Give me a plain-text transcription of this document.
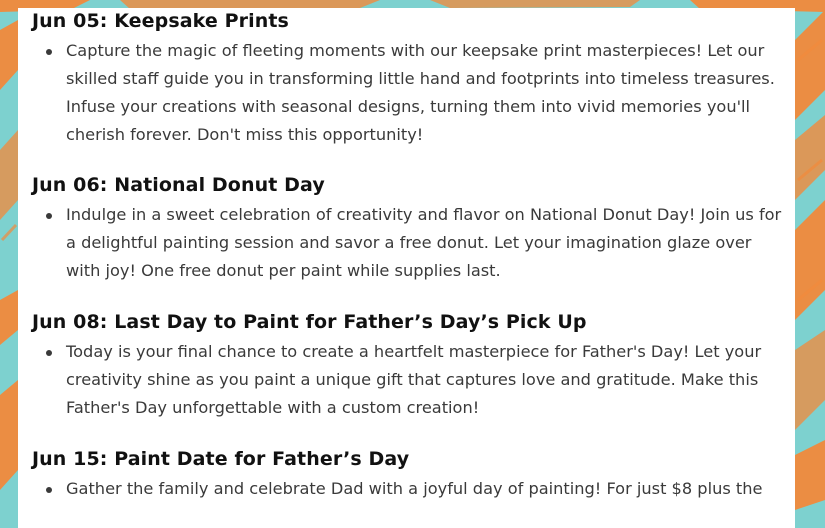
Jun 05: Keepsake Prints
Capture the magic of fleeting moments with our keepsake print masterpieces! Let our skilled staff guide you in transforming little hand and footprints into timeless treasures. Infuse your creations with seasonal designs, turning them into vivid memories you'll cherish forever. Don't miss this opportunity!
Jun 06: National Donut Day
Indulge in a sweet celebration of creativity and flavor on National Donut Day! Join us for a delightful painting session and savor a free donut. Let your imagination glaze over with joy! One free donut per paint while supplies last.
Jun 08: Last Day to Paint for Father’s Day’s Pick Up
Today is your final chance to create a heartfelt masterpiece for Father's Day! Let your creativity shine as you paint a unique gift that captures love and gratitude. Make this Father's Day unforgettable with a custom creation!
Jun 15: Paint Date for Father’s Day
Gather the family and celebrate Dad with a joyful day of painting! For just $8 plus the
